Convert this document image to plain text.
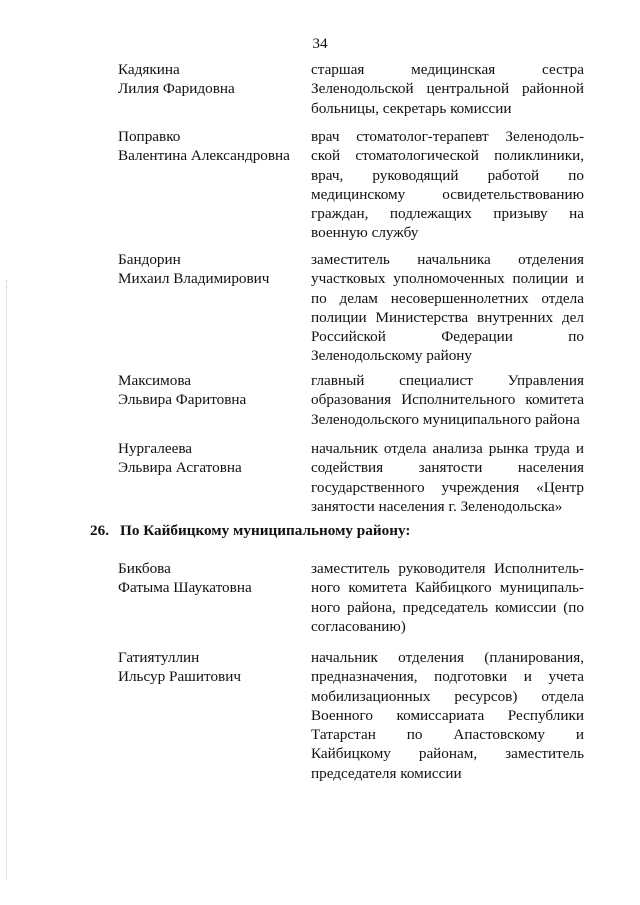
34
Кадякина
Лилия Фаридовна
старшая медицинская сестра
Зеленодольской центральной районной
больницы, секретарь комиссии
Поправко
Валентина Александровна
врач стоматолог-терапевт Зеленодоль-
ской стоматологической поликлиники,
врач, руководящий работой по
медицинскому освидетельствованию
граждан, подлежащих призыву на
военную службу
Бандорин
Михаил Владимирович
заместитель начальника отделения
участковых уполномоченных полиции и
по делам несовершеннолетних отдела
полиции Министерства внутренних дел
Российской Федерации по
Зеленодольскому району
Максимова
Эльвира Фаритовна
главный специалист Управления
образования Исполнительного комитета
Зеленодольского муниципального района
Нургалеева
Эльвира Асгатовна
начальник отдела анализа рынка труда и
содействия занятости населения
государственного учреждения «Центр
занятости населения г. Зеленодольска»
26. По Кайбицкому муниципальному району:
Бикбова
Фатыма Шаукатовна
заместитель руководителя Исполнитель-
ного комитета Кайбицкого муниципаль-
ного района, председатель комиссии (по
согласованию)
Гатиятуллин
Ильсур Рашитович
начальник отделения (планирования,
предназначения, подготовки и учета
мобилизационных ресурсов) отдела
Военного комиссариата Республики
Татарстан по Апастовскому и
Кайбицкому районам, заместитель
председателя комиссии
